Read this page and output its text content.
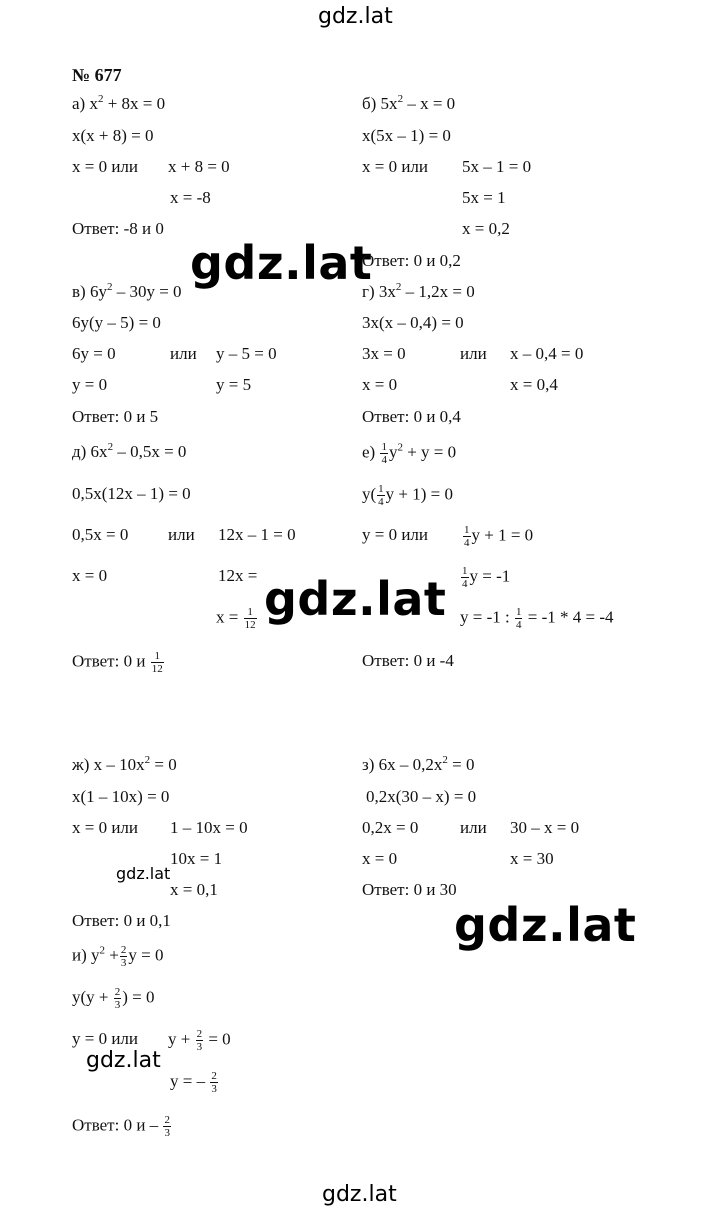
gdz.lat
gdz.lat
gdz.lat
gdz.lat
gdz.lat
gdz.lat
gdz.lat
№ 677
а) $x^2 + 8x = 0$
x(x + 8) = 0
x = 0 или x + 8 = 0
x = -8
Ответ: -8 и 0
б) $5x^2 - x = 0$
x(5x – 1) = 0
x = 0 или 5x – 1 = 0
5x = 1
x = 0,2
Ответ: 0 и 0,2
в) $6y^2 - 30y = 0$
6y(y – 5) = 0
6y = 0	или y – 5 = 0
y = 0	y = 5
Ответ: 0 и 5
г) $3x^2 - 1,2x = 0$
3x(x – 0,4) = 0
3x = 0	или x – 0,4 = 0
x = 0	x = 0,4
Ответ: 0 и 0,4
д) $6x^2 - 0,5x = 0$
0,5x(12x – 1) = 0
0,5x = 0 или 12x – 1 = 0
x = 0	12x =
$x = \frac{1}{12}$
Ответ: 0 и $\frac{1}{12}$
$е) \frac{1}{4} y^2 + y = 0$
$y( \frac{1}{4}$ y + 1) = 0
y = 0 или	$\frac{1}{4}$ y + 1 = 0
$\frac{1}{4}$ y = -1
y = -1 : $\frac{1}{4} = -1 * 4 = -4$
Ответ: 0 и -4
ж) $x - 10x^2 = 0$
x(1 – 10x) = 0
x = 0 или 1 – 10x = 0
10x = 1
x = 0,1
Ответ: 0 и 0,1
з) $6x - 0,2x^2 = 0$
0,2x(30 – x) = 0
0,2x = 0 или 30 – x = 0
x = 0	x = 30
Ответ: 0 и 30
и) $y^2 + \frac{2}{3}$ y = 0
$y(y + \frac{2}{3}$ ) = 0
y = 0 или $y + \frac{2}{3} = 0$
y = – $\frac{2}{3}$
Ответ: 0 и – $\frac{2}{3}$
